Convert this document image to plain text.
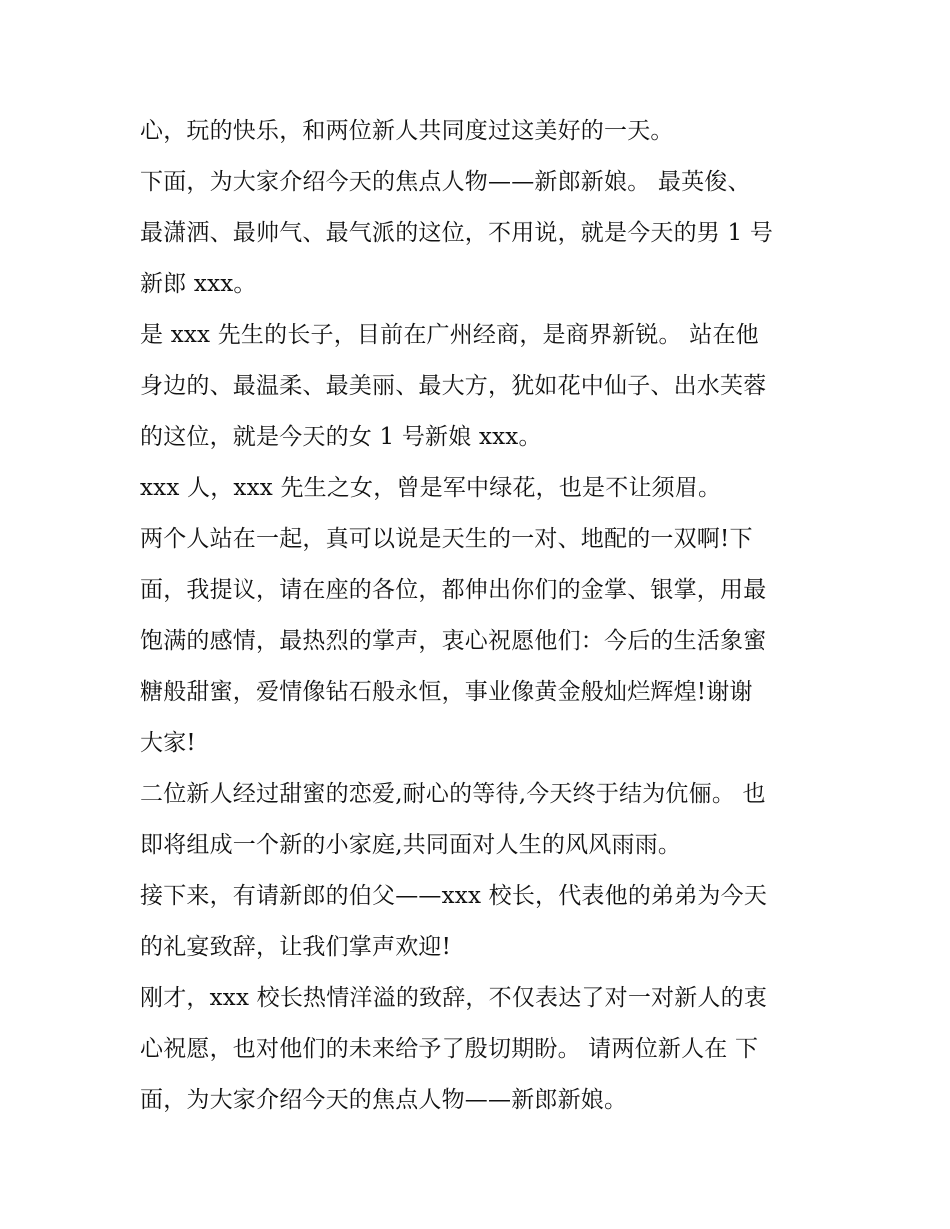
心，玩的快乐，和两位新人共同度过这美好的一天。
下面，为大家介绍今天的焦点人物——新郎新娘。 最英俊、
最潇洒、最帅气、最气派的这位，不用说，就是今天的男 1 号
新郎 xxx。
是 xxx 先生的长子，目前在广州经商，是商界新锐。 站在他
身边的、最温柔、最美丽、最大方，犹如花中仙子、出水芙蓉
的这位，就是今天的女 1 号新娘 xxx。
xxx 人，xxx 先生之女，曾是军中绿花，也是不让须眉。
两个人站在一起，真可以说是天生的一对、地配的一双啊!下
面，我提议，请在座的各位，都伸出你们的金掌、银掌，用最
饱满的感情，最热烈的掌声，衷心祝愿他们：今后的生活象蜜
糖般甜蜜，爱情像钻石般永恒，事业像黄金般灿烂辉煌!谢谢
大家!
二位新人经过甜蜜的恋爱,耐心的等待,今天终于结为伉俪。 也
即将组成一个新的小家庭,共同面对人生的风风雨雨。
接下来，有请新郎的伯父——xxx 校长，代表他的弟弟为今天
的礼宴致辞，让我们掌声欢迎!
刚才，xxx 校长热情洋溢的致辞，不仅表达了对一对新人的衷
心祝愿，也对他们的未来给予了殷切期盼。 请两位新人在 下
面，为大家介绍今天的焦点人物——新郎新娘。
